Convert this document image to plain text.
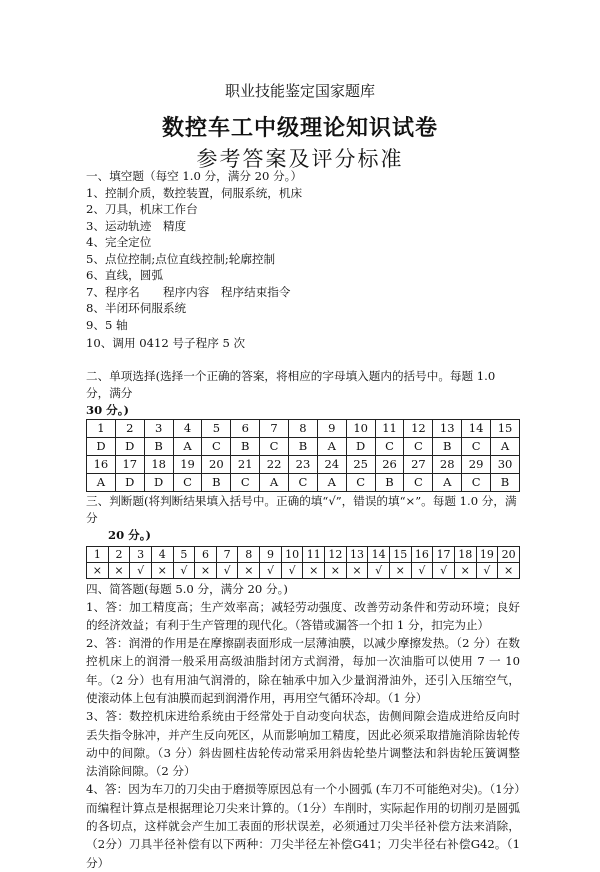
职业技能鉴定国家题库
数控车工中级理论知识试卷
参考答案及评分标准
一、填空题（每空 1.0 分，满分 20 分。）
1、控制介质，数控装置，伺服系统，机床
2、刀具，机床工作台
3、运动轨迹　精度
4、完全定位
5、点位控制;点位直线控制;轮廓控制
6、直线，圆弧
7、程序名　　程序内容　程序结束指令
8、半闭环伺服系统
9、5 轴
10、调用 0412 号子程序 5 次
二、单项选择(选择一个正确的答案，将相应的字母填入题内的括号中。每题 1.0 分，满分
30 分。)
1	2	3	4	5	6	7	8	9	10	11	12	13	14	15
D	D	B	A	C	B	C	B	A	D	C	C	B	C	A
16	17	18	19	20	21	22	23	24	25	26	27	28	29	30
A	D	D	C	B	C	A	C	A	C	B	C	A	C	B
三、判断题(将判断结果填入括号中。正确的填“√”，错误的填“×”。每题 1.0 分，满分
20 分。)
1	2	3	4	5	6	7	8	9	10	11	12	13	14	15	16	17	18	19	20
×	×	√	×	√	×	√	×	√	√	×	×	×	√	×	√	√	×	√	×
四、简答题(每题 5.0 分，满分 20 分。)

1、答：加工精度高；生产效率高；减轻劳动强度、改善劳动条件和劳动环境；良好的经济效益；有利于生产管理的现代化。（答错或漏答一个扣 1 分，扣完为止）

2、答：润滑的作用是在摩擦副表面形成一层薄油膜，以减少摩擦发热。（2 分）在数控机床上的润滑一般采用高级油脂封闭方式润滑，每加一次油脂可以使用 7 一 10 年。（2 分）也有用油气润滑的，除在轴承中加入少量润滑油外，还引入压缩空气，使滚动体上包有油膜而起到润滑作用，再用空气循环冷却。（1 分）

3、答：数控机床进给系统由于经常处于自动变向状态，齿侧间隙会造成进给反向时丢失指令脉冲，并产生反向死区，从而影响加工精度，因此必须采取措施消除齿轮传动中的间隙。（3 分）斜齿圆柱齿轮传动常采用斜齿轮垫片调整法和斜齿轮压簧调整法消除间隙。（2 分）

4、答：因为车刀的刀尖由于磨损等原因总有一个小圆弧 (车刀不可能绝对尖)。（1分）而编程计算点是根据理论刀尖来计算的。（1分）车削时，实际起作用的切削刃是圆弧的各切点，这样就会产生加工表面的形状误差，必须通过刀尖半径补偿方法来消除，（2分）刀具半径补偿有以下两种：刀尖半径左补偿G41；刀尖半径右补偿G42。（1分）
